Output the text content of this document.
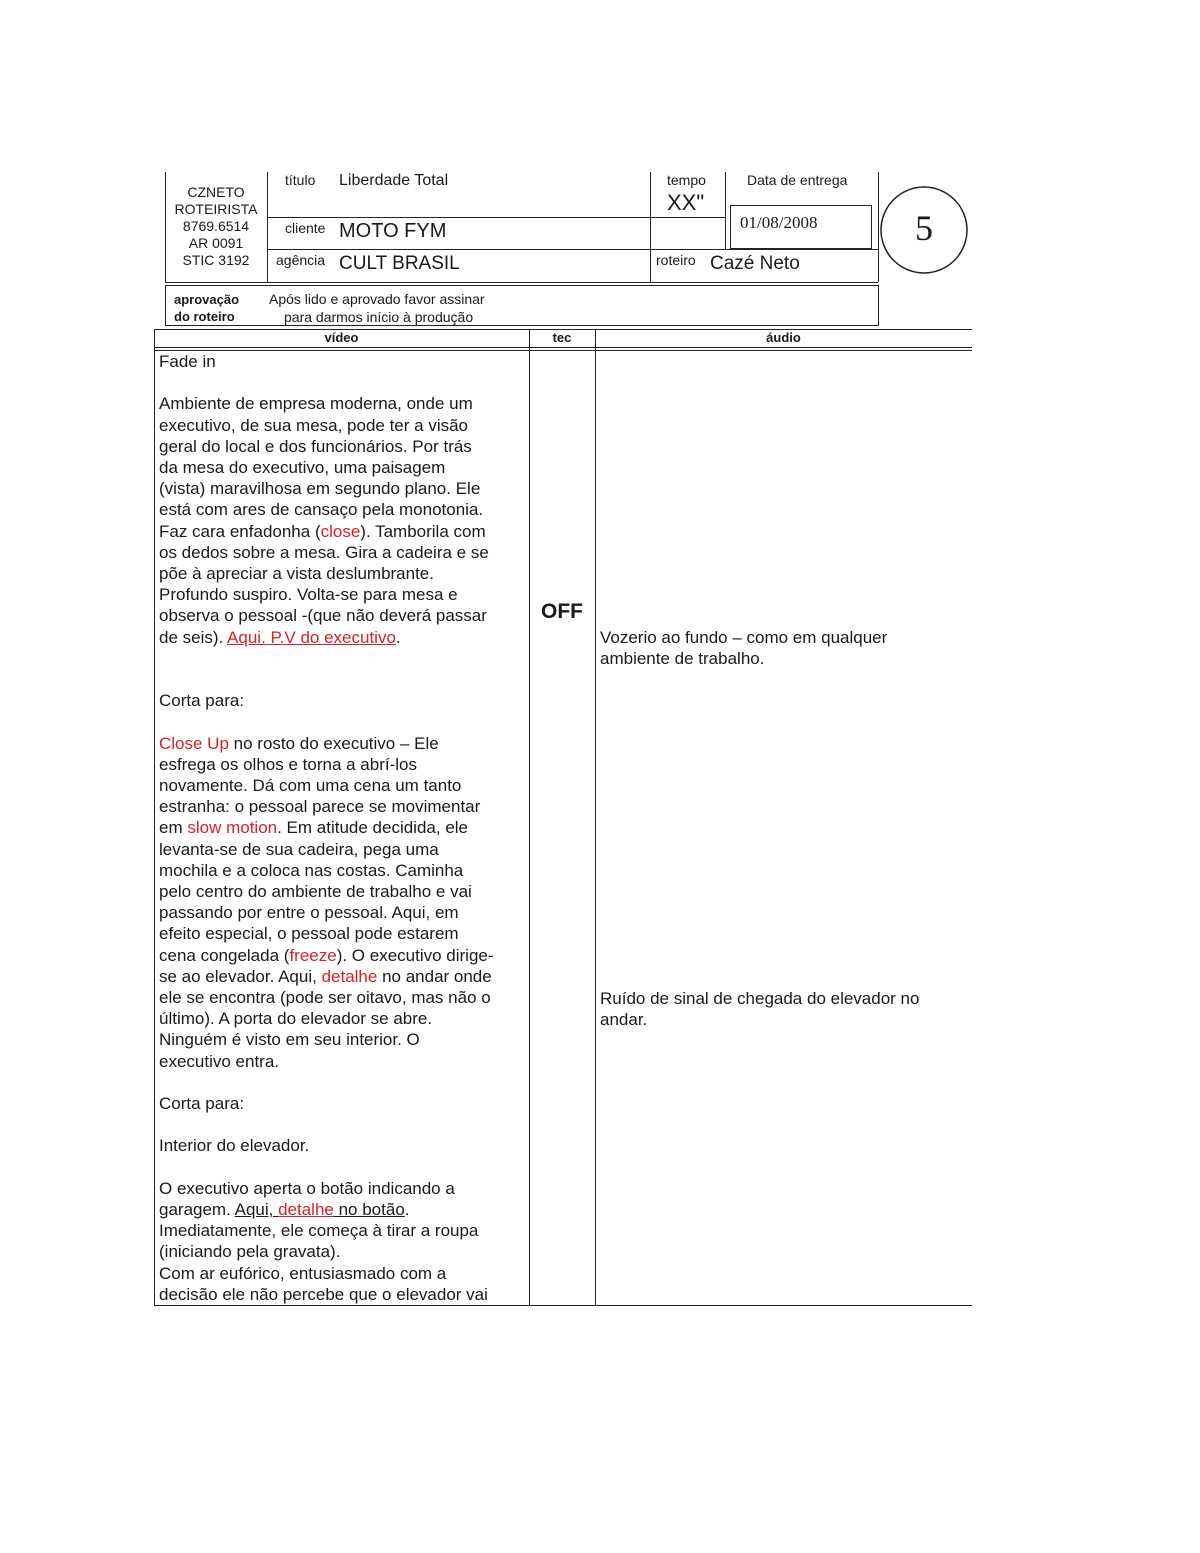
CZNETO
ROTEIRISTA
8769.6514
AR 0091
STIC 3192
título Liberdade Total
cliente MOTO FYM
agência CULT BRASIL
tempo
XX"
Data de entrega
01/08/2008
roteiro Cazé Neto
5
aprovação
do roteiro
Após lido e aprovado favor assinar
para darmos início à produção
vídeo	tec	áudio

Fade in

Ambiente de empresa moderna, onde um

executivo, de sua mesa, pode ter a visão

geral do local e dos funcionários. Por trás

da mesa do executivo, uma paisagem

(vista) maravilhosa em segundo plano. Ele

está com ares de cansaço pela monotonia.

Faz cara enfadonha (close). Tamborila com

os dedos sobre a mesa. Gira a cadeira e se

põe à apreciar a vista deslumbrante.

Profundo suspiro. Volta-se para mesa e

observa o pessoal -(que não deverá passar

de seis). Aqui. P.V do executivo.

Corta para:

Close Up no rosto do executivo – Ele

esfrega os olhos e torna a abrí-los

novamente. Dá com uma cena um tanto

estranha: o pessoal parece se movimentar

em slow motion. Em atitude decidida, ele

levanta-se de sua cadeira, pega uma

mochila e a coloca nas costas. Caminha

pelo centro do ambiente de trabalho e vai

passando por entre o pessoal. Aqui, em

efeito especial, o pessoal pode estarem

cena congelada (freeze). O executivo dirige-

se ao elevador. Aqui, detalhe no andar onde

ele se encontra (pode ser oitavo, mas não o

último). A porta do elevador se abre.

Ninguém é visto em seu interior. O

executivo entra.

Corta para:

Interior do elevador.

O executivo aperta o botão indicando a

garagem. Aqui, detalhe no botão.

Imediatamente, ele começa à tirar a roupa

(iniciando pela gravata).

Com ar eufórico, entusiasmado com a

decisão ele não percebe que o elevador vai

OFF

Vozerio ao fundo – como em qualquer

ambiente de trabalho.

Ruído de sinal de chegada do elevador no

andar.
